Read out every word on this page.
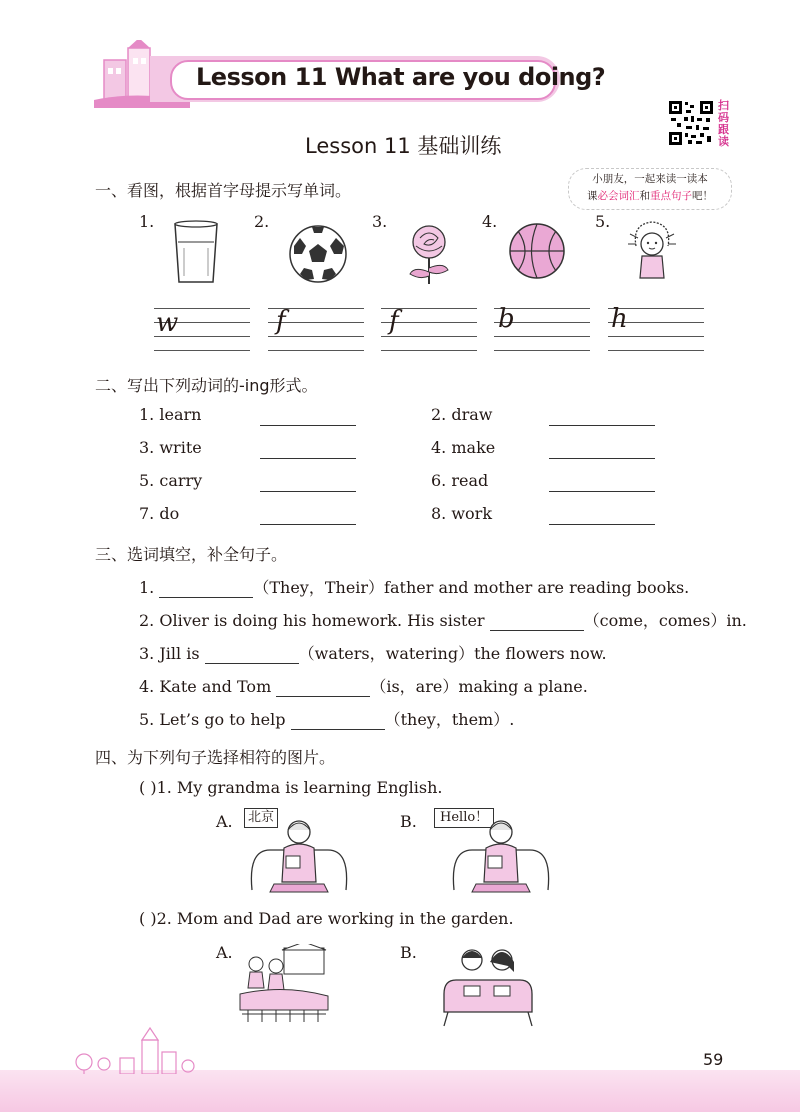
Lesson 11 What are you doing?
扫码跟读
Lesson 11 基础训练
小朋友，一起来读一读本
课必会词汇和重点句子吧！
一、看图，根据首字母提示写单词。
1.	2.	3.	4.	5.
w	f	f	b	h
二、写出下列动词的-ing形式。
1. learn	2. draw
3. write	4. make
5. carry	6. read
7. do	8. work
三、选词填空，补全句子。
1.	（They，Their）father and mother are reading books.
2. Oliver is doing his homework. His sister	（come，comes）in.
3. Jill is	（waters，watering）the flowers now.
4. Kate and Tom	（is，are）making a plane.
5. Let’s go to help	（they，them）.
四、为下列句子选择相符的图片。
( )1. My grandma is learning English.
A.	B.
北京	Hello！
( )2. Mom and Dad are working in the garden.
A.	B.
59
